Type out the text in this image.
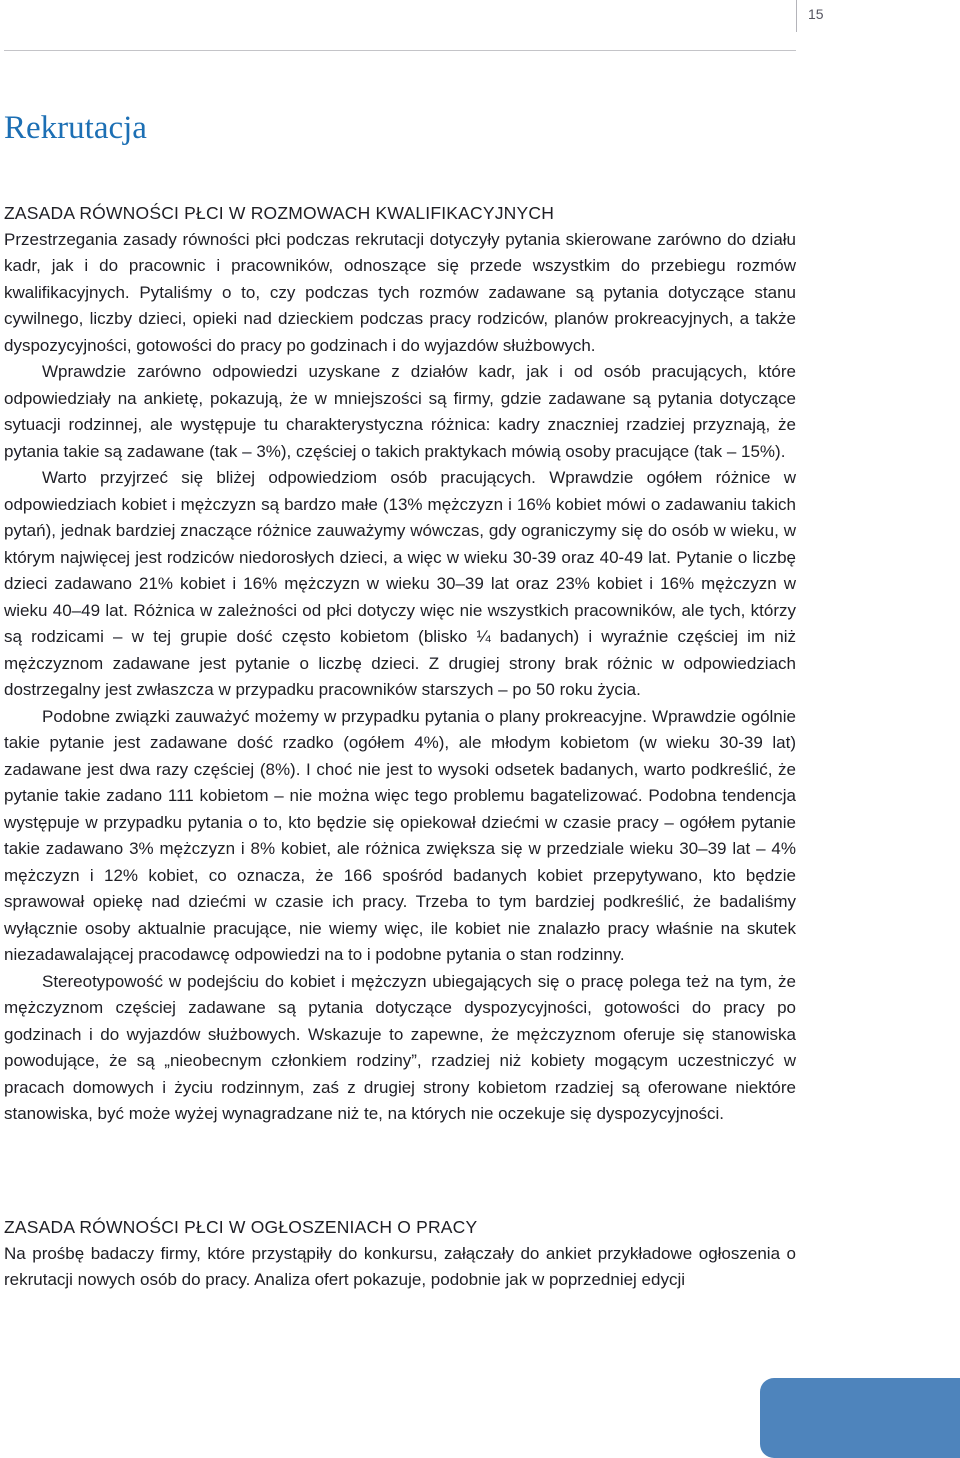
15
Rekrutacja
ZASADA RÓWNOŚCI PŁCI W ROZMOWACH KWALIFIKACYJNYCH

Przestrzegania zasady równości płci podczas rekrutacji dotyczyły pytania skierowane zarówno do działu kadr, jak i do pracownic i pracowników, odnoszące się przede wszystkim do przebiegu rozmów kwalifikacyjnych. Pytaliśmy o to, czy podczas tych rozmów zadawane są pytania dotyczące stanu cywilnego, liczby dzieci, opieki nad dzieckiem podczas pracy rodziców, planów prokreacyjnych, a także dyspozycyjności, gotowości do pracy po godzinach i do wyjazdów służbowych.

Wprawdzie zarówno odpowiedzi uzyskane z działów kadr, jak i od osób pracujących, które odpowiedziały na ankietę, pokazują, że w mniejszości są firmy, gdzie zadawane są pytania dotyczące sytuacji rodzinnej, ale występuje tu charakterystyczna różnica: kadry znaczniej rzadziej przyznają, że pytania takie są zadawane (tak – 3%), częściej o takich praktykach mówią osoby pracujące (tak – 15%).

Warto przyjrzeć się bliżej odpowiedziom osób pracujących. Wprawdzie ogółem różnice w odpowiedziach kobiet i mężczyzn są bardzo małe (13% mężczyzn i 16% kobiet mówi o zadawaniu takich pytań), jednak bardziej znaczące różnice zauważymy wówczas, gdy ograniczymy się do osób w wieku, w którym najwięcej jest rodziców niedorosłych dzieci, a więc w wieku 30-39 oraz 40-49 lat. Pytanie o liczbę dzieci zadawano 21% kobiet i 16% mężczyzn w wieku 30–39 lat oraz 23% kobiet i 16% mężczyzn w wieku 40–49 lat. Różnica w zależności od płci dotyczy więc nie wszystkich pracowników, ale tych, którzy są rodzicami – w tej grupie dość często kobietom (blisko ¼ badanych) i wyraźnie częściej im niż mężczyznom zadawane jest pytanie o liczbę dzieci. Z drugiej strony brak różnic w odpowiedziach dostrzegalny jest zwłaszcza w przypadku pracowników starszych – po 50 roku życia.

Podobne związki zauważyć możemy w przypadku pytania o plany prokreacyjne. Wprawdzie ogólnie takie pytanie jest zadawane dość rzadko (ogółem 4%), ale młodym kobietom (w wieku 30-39 lat) zadawane jest dwa razy częściej (8%). I choć nie jest to wysoki odsetek badanych, warto podkreślić, że pytanie takie zadano 111 kobietom – nie można więc tego problemu bagatelizować. Podobna tendencja występuje w przypadku pytania o to, kto będzie się opiekował dziećmi w czasie pracy – ogółem pytanie takie zadawano 3% mężczyzn i 8% kobiet, ale różnica zwiększa się w przedziale wieku 30–39 lat – 4% mężczyzn i 12% kobiet, co oznacza, że 166 spośród badanych kobiet przepytywano, kto będzie sprawował opiekę nad dziećmi w czasie ich pracy. Trzeba to tym bardziej podkreślić, że badaliśmy wyłącznie osoby aktualnie pracujące, nie wiemy więc, ile kobiet nie znalazło pracy właśnie na skutek niezadawalającej pracodawcę odpowiedzi na to i podobne pytania o stan rodzinny.

Stereotypowość w podejściu do kobiet i mężczyzn ubiegających się o pracę polega też na tym, że mężczyznom częściej zadawane są pytania dotyczące dyspozycyjności, gotowości do pracy po godzinach i do wyjazdów służbowych. Wskazuje to zapewne, że mężczyznom oferuje się stanowiska powodujące, że są „nieobecnym członkiem rodziny”, rzadziej niż kobiety mogącym uczestniczyć w pracach domowych i życiu rodzinnym, zaś z drugiej strony kobietom rzadziej są oferowane niektóre stanowiska, być może wyżej wynagradzane niż te, na których nie oczekuje się dyspozycyjności.

ZASADA RÓWNOŚCI PŁCI W OGŁOSZENIACH O PRACY

Na prośbę badaczy firmy, które przystąpiły do konkursu, załączały do ankiet przykładowe ogłoszenia o rekrutacji nowych osób do pracy. Analiza ofert pokazuje, podobnie jak w poprzedniej edycji
